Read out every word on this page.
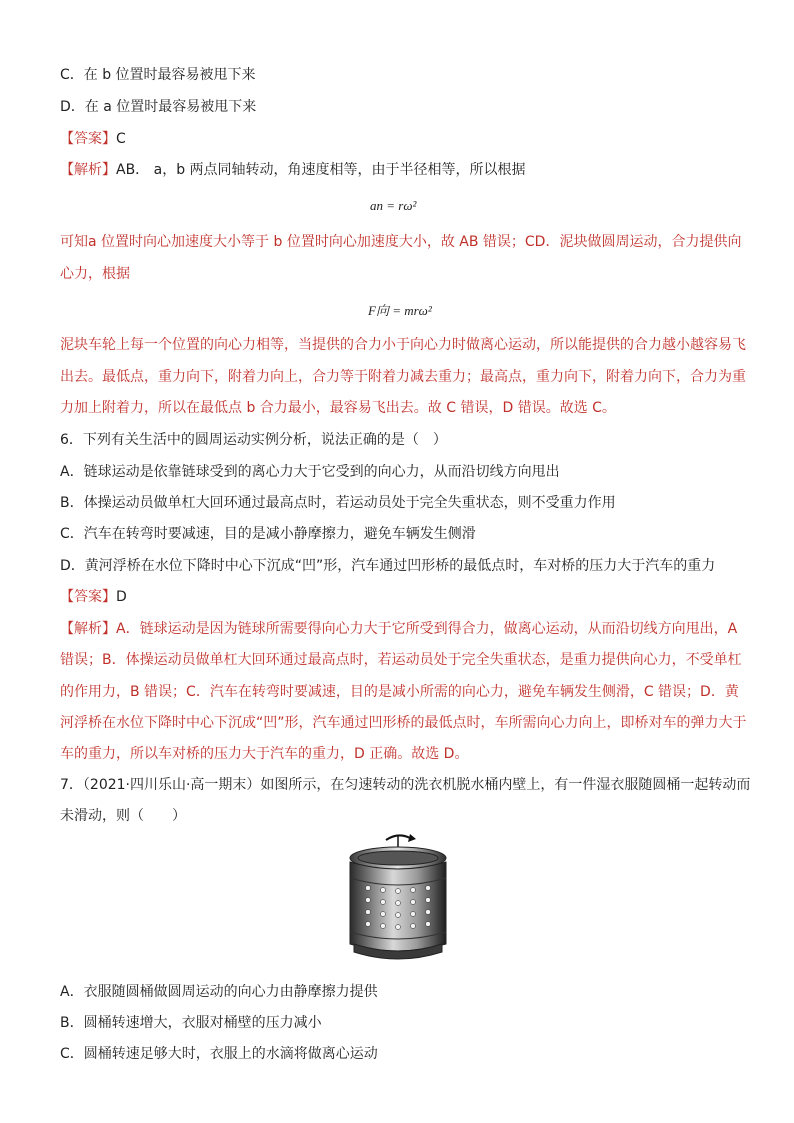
C．在 b 位置时最容易被甩下来
D．在 a 位置时最容易被甩下来
【答案】C
【解析】AB． a，b 两点同轴转动，角速度相等，由于半径相等，所以根据
an = rω²
可知a 位置时向心加速度大小等于 b 位置时向心加速度大小，故 AB 错误；CD．泥块做圆周运动，合力提供向
心力，根据
F向 = mrω²
泥块车轮上每一个位置的向心力相等，当提供的合力小于向心力时做离心运动，所以能提供的合力越小越容易飞
出去。最低点，重力向下，附着力向上，合力等于附着力减去重力；最高点，重力向下，附着力向下，合力为重
力加上附着力，所以在最低点 b 合力最小，最容易飞出去。故 C 错误，D 错误。故选 C。
6．下列有关生活中的圆周运动实例分析，说法正确的是（　）
A．链球运动是依靠链球受到的离心力大于它受到的向心力，从而沿切线方向甩出
B．体操运动员做单杠大回环通过最高点时，若运动员处于完全失重状态，则不受重力作用
C．汽车在转弯时要减速，目的是减小静摩擦力，避免车辆发生侧滑
D．黄河浮桥在水位下降时中心下沉成“凹”形，汽车通过凹形桥的最低点时，车对桥的压力大于汽车的重力
【答案】D
【解析】A．链球运动是因为链球所需要得向心力大于它所受到得合力，做离心运动，从而沿切线方向甩出，A
错误；B．体操运动员做单杠大回环通过最高点时，若运动员处于完全失重状态，是重力提供向心力，不受单杠
的作用力，B 错误；C．汽车在转弯时要减速，目的是减小所需的向心力，避免车辆发生侧滑，C 错误；D．黄
河浮桥在水位下降时中心下沉成“凹”形，汽车通过凹形桥的最低点时，车所需向心力向上，即桥对车的弹力大于
车的重力，所以车对桥的压力大于汽车的重力，D 正确。故选 D。
7．（2021·四川乐山·高一期末）如图所示，在匀速转动的洗衣机脱水桶内壁上，有一件湿衣服随圆桶一起转动而
未滑动，则（　　）
A．衣服随圆桶做圆周运动的向心力由静摩擦力提供
B．圆桶转速增大，衣服对桶壁的压力减小
C．圆桶转速足够大时，衣服上的水滴将做离心运动
